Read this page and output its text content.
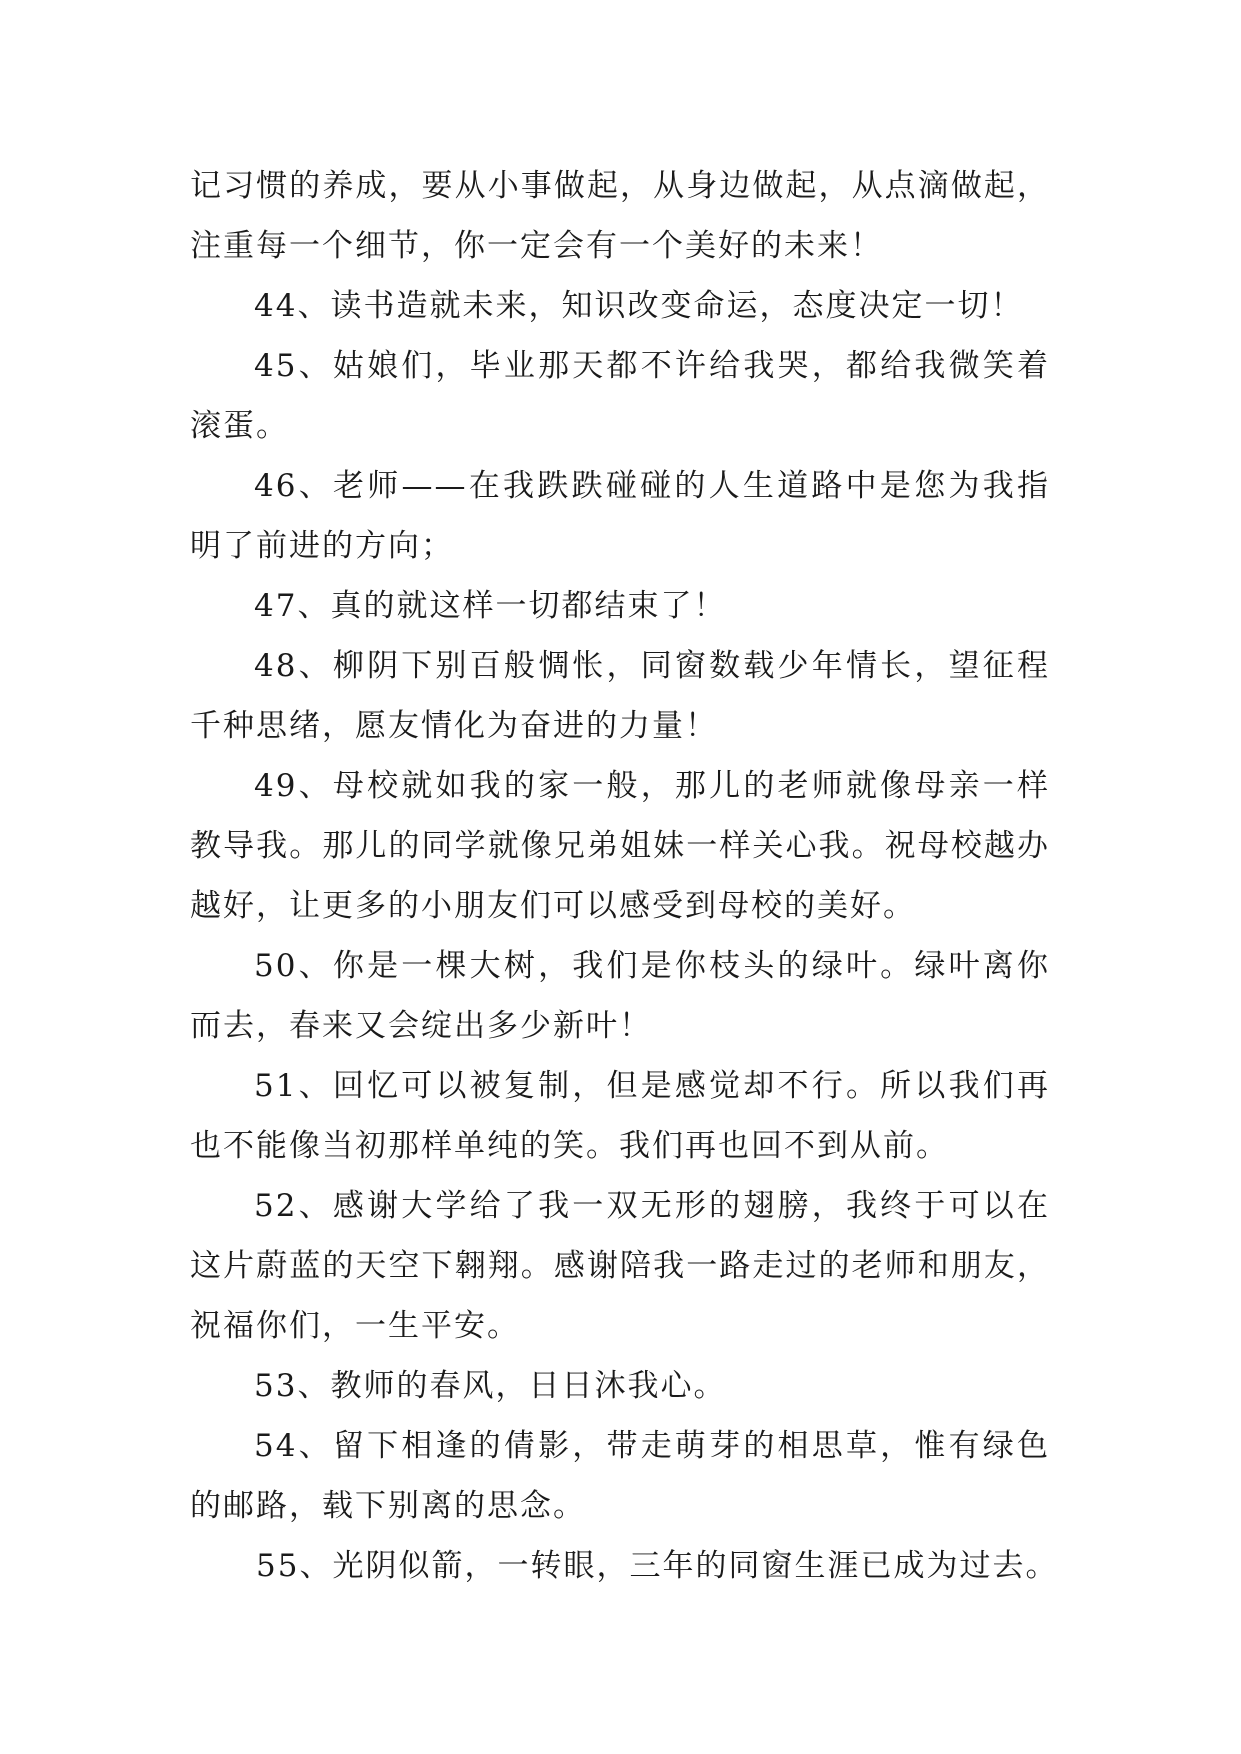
记习惯的养成，要从小事做起，从身边做起，从点滴做起，注重每一个细节，你一定会有一个美好的未来！

44、读书造就未来，知识改变命运，态度决定一切！

45、姑娘们，毕业那天都不许给我哭，都给我微笑着滚蛋。

46、老师——在我跌跌碰碰的人生道路中是您为我指明了前进的方向；

47、真的就这样一切都结束了！

48、柳阴下别百般惆怅，同窗数载少年情长，望征程千种思绪，愿友情化为奋进的力量！

49、母校就如我的家一般，那儿的老师就像母亲一样教导我。那儿的同学就像兄弟姐妹一样关心我。祝母校越办越好，让更多的小朋友们可以感受到母校的美好。

50、你是一棵大树，我们是你枝头的绿叶。绿叶离你而去，春来又会绽出多少新叶！

51、回忆可以被复制，但是感觉却不行。所以我们再也不能像当初那样单纯的笑。我们再也回不到从前。

52、感谢大学给了我一双无形的翅膀，我终于可以在这片蔚蓝的天空下翱翔。感谢陪我一路走过的老师和朋友，祝福你们，一生平安。

53、教师的春风，日日沐我心。

54、留下相逢的倩影，带走萌芽的相思草，惟有绿色的邮路，载下别离的思念。

55、光阴似箭，一转眼，三年的同窗生涯已成为过去。
